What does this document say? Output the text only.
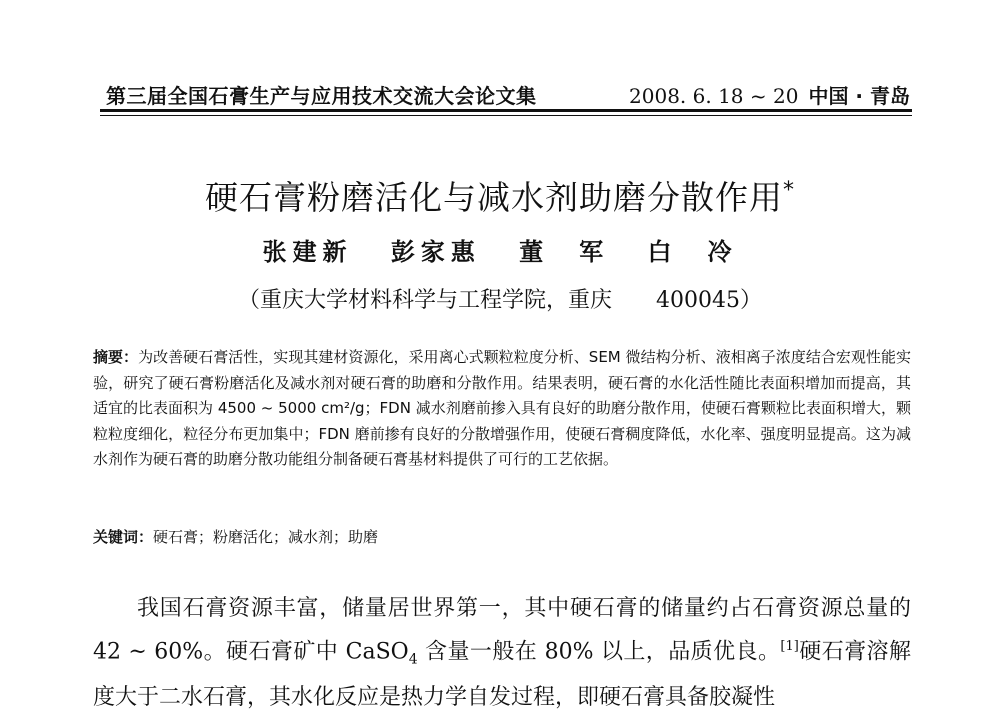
第三届全国石膏生产与应用技术交流大会论文集	2008. 6. 18 ~ 20 中国 · 青岛
硬石膏粉磨活化与减水剂助磨分散作用*
张建新 彭家惠 董　军 白　冷
（重庆大学材料科学与工程学院，重庆　　400045）
摘要：为改善硬石膏活性，实现其建材资源化，采用离心式颗粒粒度分析、SEM 微结构分析、液相离子浓度结合宏观性能实验，研究了硬石膏粉磨活化及减水剂对硬石膏的助磨和分散作用。结果表明，硬石膏的水化活性随比表面积增加而提高，其适宜的比表面积为 4500 ~ 5000 cm²/g；FDN 减水剂磨前掺入具有良好的助磨分散作用，使硬石膏颗粒比表面积增大，颗粒粒度细化，粒径分布更加集中；FDN 磨前掺有良好的分散增强作用，使硬石膏稠度降低，水化率、强度明显提高。这为减水剂作为硬石膏的助磨分散功能组分制备硬石膏基材料提供了可行的工艺依据。
关键词：硬石膏；粉磨活化；减水剂；助磨
我国石膏资源丰富，储量居世界第一，其中硬石膏的储量约占石膏资源总量的 42 ~ 60%。硬石膏矿中 CaSO$_4$ 含量一般在 80% 以上，品质优良。[1]硬石膏溶解度大于二水石膏，其水化反应是热力学自发过程，即硬石膏具备胶凝性
